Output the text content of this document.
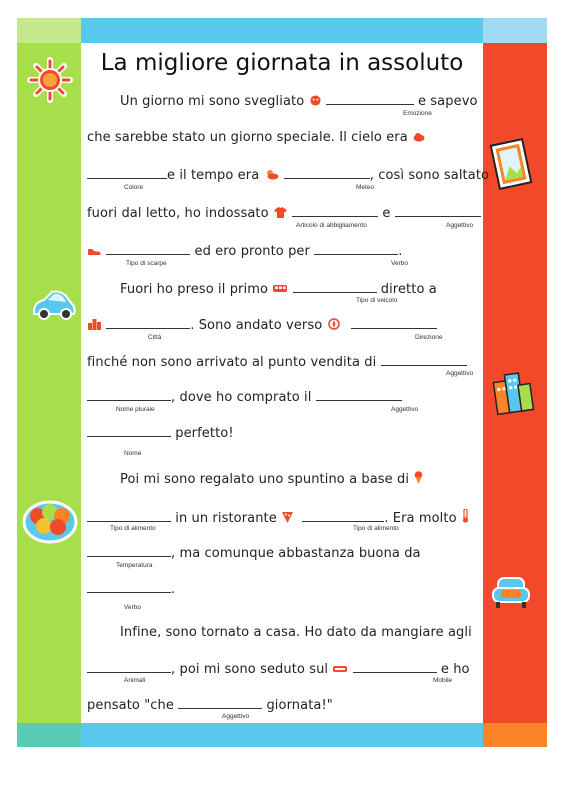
La migliore giornata in assoluto
Un giorno mi sono svegliato	e sapevo
Emozione
che sarebbe stato un giorno speciale. Il cielo era
e il tempo era	, così sono saltato
Colore	Meteo
fuori dal letto, ho indossato	e
Articolo di abbigliamento	Aggettivo
ed ero pronto per	.
Tipo di scarpe	Verbo
Fuori ho preso il primo	diretto a
Tipo di veicolo
. Sono andato verso
Città	Direzione
finché non sono arrivato al punto vendita di
Aggettivo
, dove ho comprato il
Nome plurale	Aggettivo
perfetto!
Nome
Poi mi sono regalato uno spuntino a base di
in un ristorante	. Era molto
Tipo di alimento	Tipo di alimento
, ma comunque abbastanza buona da
Temperatura
.
Verbo
Infine, sono tornato a casa. Ho dato da mangiare agli
, poi mi sono seduto sul	e ho
Animali	Mobile
pensato "che	giornata!"
Aggettivo
